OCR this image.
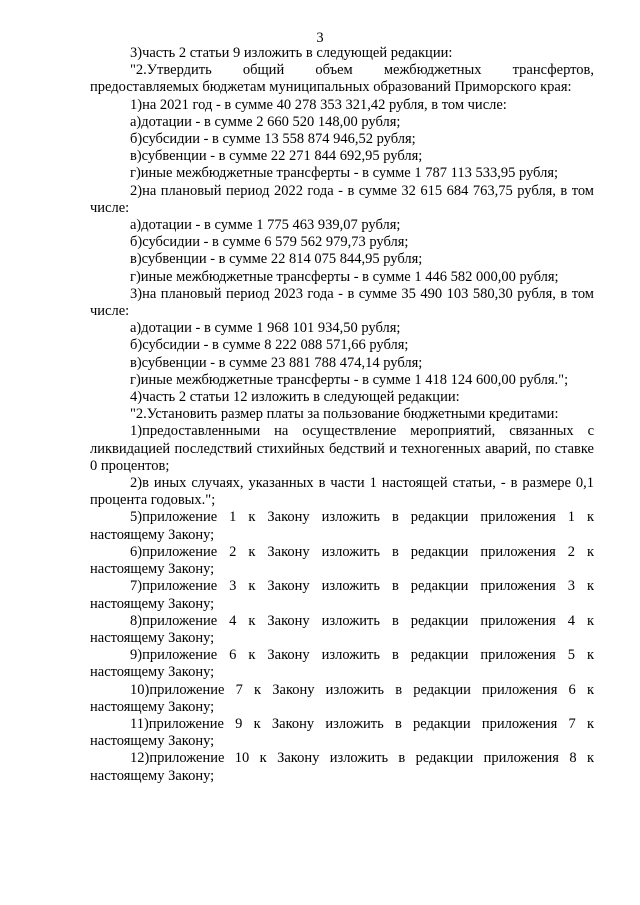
3

3)часть 2 статьи 9 изложить в следующей редакции:

"2.Утвердить общий объем межбюджетных трансфертов, предоставляемых бюджетам муниципальных образований Приморского края:

1)на 2021 год - в сумме 40 278 353 321,42 рубля, в том числе:

а)дотации - в сумме 2 660 520 148,00 рубля;

б)субсидии - в сумме 13 558 874 946,52 рубля;

в)субвенции - в сумме 22 271 844 692,95 рубля;

г)иные межбюджетные трансферты - в сумме 1 787 113 533,95 рубля;

2)на плановый период 2022 года - в сумме 32 615 684 763,75 рубля, в том числе:

а)дотации - в сумме 1 775 463 939,07 рубля;

б)субсидии - в сумме 6 579 562 979,73 рубля;

в)субвенции - в сумме 22 814 075 844,95 рубля;

г)иные межбюджетные трансферты - в сумме 1 446 582 000,00 рубля;

3)на плановый период 2023 года - в сумме 35 490 103 580,30 рубля, в том числе:

а)дотации - в сумме 1 968 101 934,50 рубля;

б)субсидии - в сумме 8 222 088 571,66 рубля;

в)субвенции - в сумме 23 881 788 474,14 рубля;

г)иные межбюджетные трансферты - в сумме 1 418 124 600,00 рубля.";

4)часть 2 статьи 12 изложить в следующей редакции:

"2.Установить размер платы за пользование бюджетными кредитами:

1)предоставленными на осуществление мероприятий, связанных с ликвидацией последствий стихийных бедствий и техногенных аварий, по ставке 0 процентов;

2)в иных случаях, указанных в части 1 настоящей статьи, - в размере 0,1 процента годовых.";

5)приложение 1 к Закону изложить в редакции приложения 1 к настоящему Закону;

6)приложение 2 к Закону изложить в редакции приложения 2 к настоящему Закону;

7)приложение 3 к Закону изложить в редакции приложения 3 к настоящему Закону;

8)приложение 4 к Закону изложить в редакции приложения 4 к настоящему Закону;

9)приложение 6 к Закону изложить в редакции приложения 5 к настоящему Закону;

10)приложение 7 к Закону изложить в редакции приложения 6 к настоящему Закону;

11)приложение 9 к Закону изложить в редакции приложения 7 к настоящему Закону;

12)приложение 10 к Закону изложить в редакции приложения 8 к настоящему Закону;
